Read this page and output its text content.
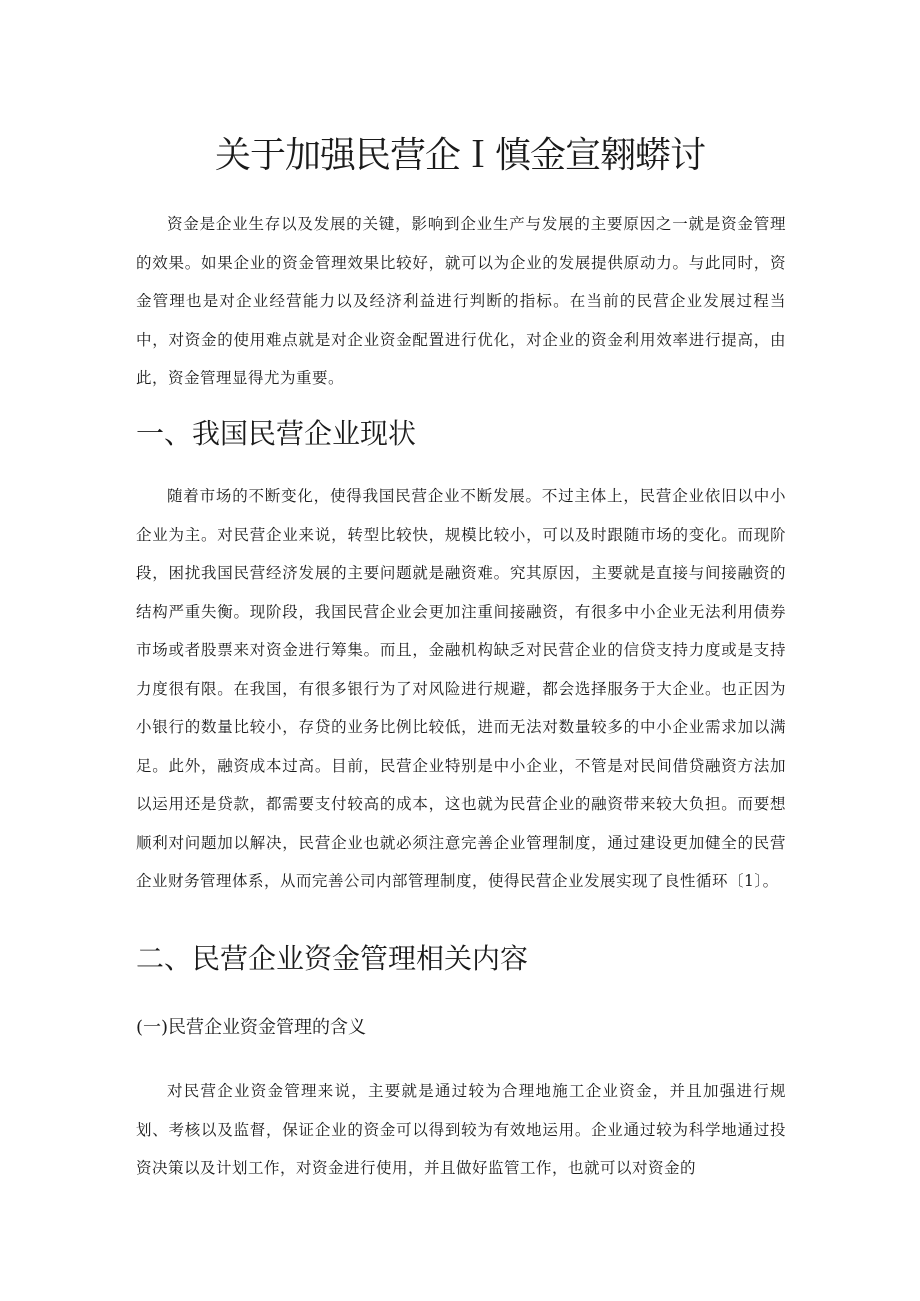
关于加强民营企Ｉ慎金宣翱蟒讨

资金是企业生存以及发展的关键，影响到企业生产与发展的主要原因之一就是资金管理的效果。如果企业的资金管理效果比较好，就可以为企业的发展提供原动力。与此同时，资金管理也是对企业经营能力以及经济利益进行判断的指标。在当前的民营企业发展过程当中，对资金的使用难点就是对企业资金配置进行优化，对企业的资金利用效率进行提高，由此，资金管理显得尤为重要。

一、我国民营企业现状

随着市场的不断变化，使得我国民营企业不断发展。不过主体上，民营企业依旧以中小企业为主。对民营企业来说，转型比较快，规模比较小，可以及时跟随市场的变化。而现阶段，困扰我国民营经济发展的主要问题就是融资难。究其原因，主要就是直接与间接融资的结构严重失衡。现阶段，我国民营企业会更加注重间接融资，有很多中小企业无法利用债券市场或者股票来对资金进行筹集。而且，金融机构缺乏对民营企业的信贷支持力度或是支持力度很有限。在我国，有很多银行为了对风险进行规避，都会选择服务于大企业。也正因为小银行的数量比较小，存贷的业务比例比较低，进而无法对数量较多的中小企业需求加以满足。此外，融资成本过高。目前，民营企业特别是中小企业，不管是对民间借贷融资方法加以运用还是贷款，都需要支付较高的成本，这也就为民营企业的融资带来较大负担。而要想顺利对问题加以解决，民营企业也就必须注意完善企业管理制度，通过建设更加健全的民营企业财务管理体系，从而完善公司内部管理制度，使得民营企业发展实现了良性循环〔1〕。

二、民营企业资金管理相关内容
(一)民营企业资金管理的含义

对民营企业资金管理来说，主要就是通过较为合理地施工企业资金，并且加强进行规划、考核以及监督，保证企业的资金可以得到较为有效地运用。企业通过较为科学地通过投资决策以及计划工作，对资金进行使用，并且做好监管工作，也就可以对资金的
